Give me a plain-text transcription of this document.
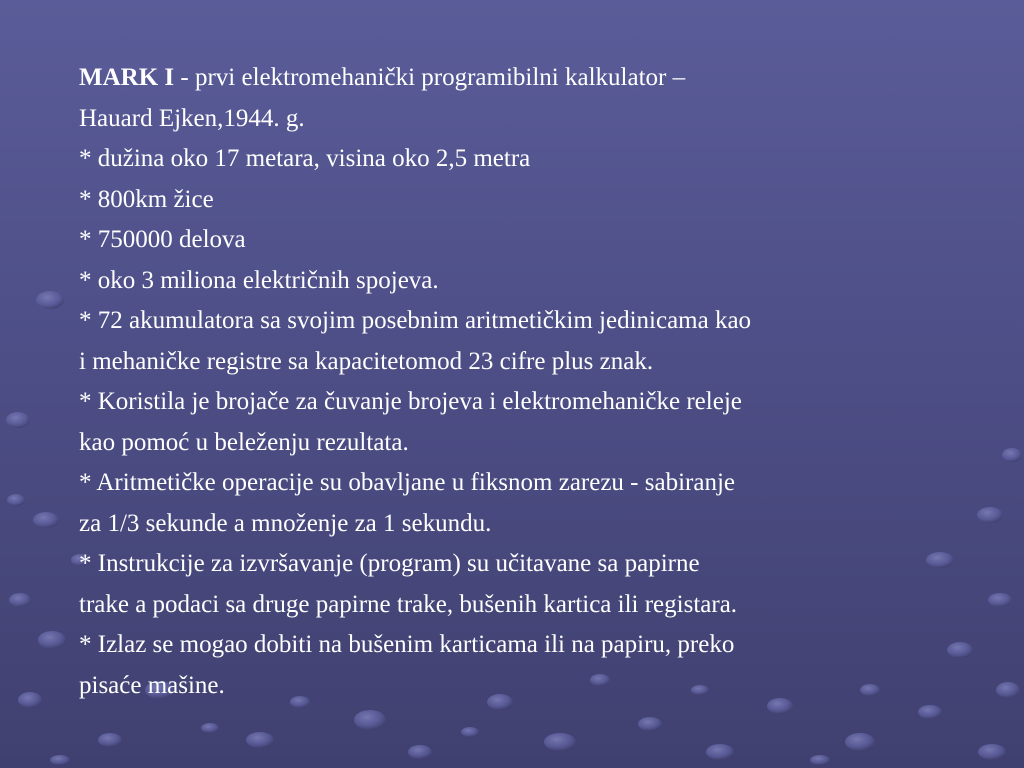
MARK I - prvi elektromehanički programibilni kalkulator –
Hauard Ejken,1944. g.
* dužina oko 17 metara, visina oko 2,5 metra
* 800km žice
* 750000 delova
* oko 3 miliona električnih spojeva.
* 72 akumulatora sa svojim posebnim aritmetičkim jedinicama kao
i mehaničke registre sa kapacitetomod 23 cifre plus znak.
* Koristila je brojače za čuvanje brojeva i elektromehaničke releje
kao pomoć u beleženju rezultata.
* Aritmetičke operacije su obavljane u fiksnom zarezu - sabiranje
za 1/3 sekunde a množenje za 1 sekundu.
* Instrukcije za izvršavanje (program) su učitavane sa papirne
trake a podaci sa druge papirne trake, bušenih kartica ili registara.
* Izlaz se mogao dobiti na bušenim karticama ili na papiru, preko
pisaće mašine.
